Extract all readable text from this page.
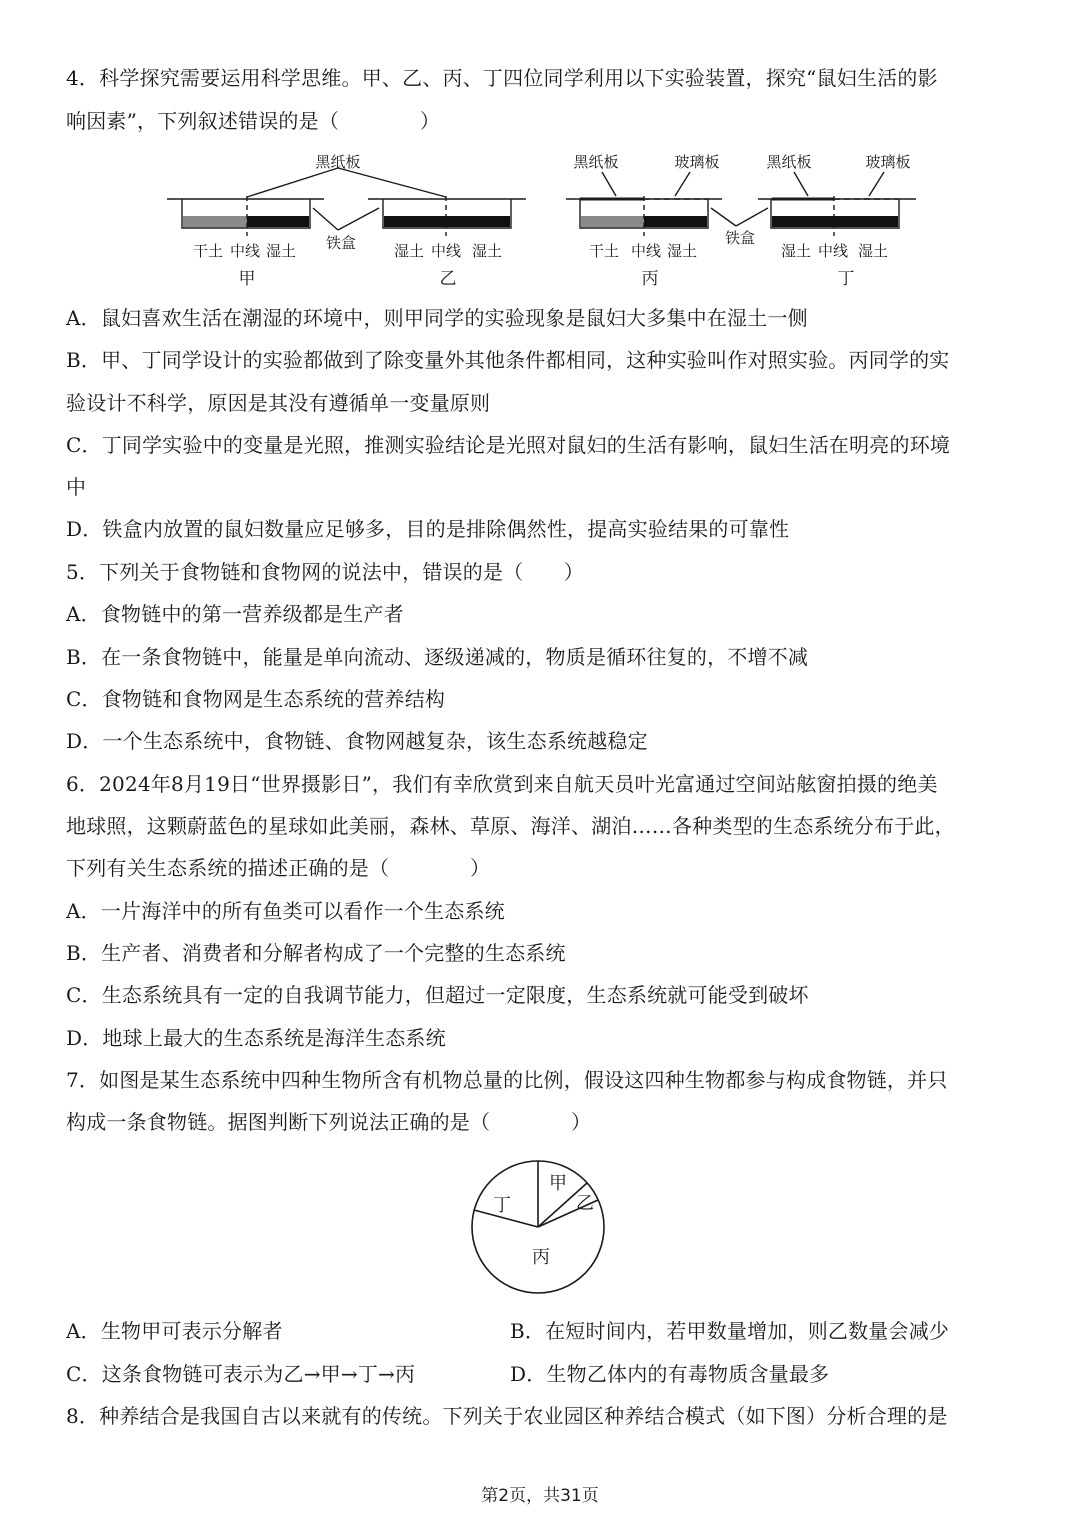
4．科学探究需要运用科学思维。甲、乙、丙、丁四位同学利用以下实验装置，探究“鼠妇生活的影
响因素”，下列叙述错误的是（　　　　）
黑纸板
铁盒
干土 中线 湿土	湿土 中线 湿土
甲	乙
黑纸板	玻璃板	黑纸板	玻璃板
铁盒
干土 中线 湿土	湿土 中线 湿土
丙	丁
A．鼠妇喜欢生活在潮湿的环境中，则甲同学的实验现象是鼠妇大多集中在湿土一侧
B．甲、丁同学设计的实验都做到了除变量外其他条件都相同，这种实验叫作对照实验。丙同学的实
验设计不科学，原因是其没有遵循单一变量原则
C．丁同学实验中的变量是光照，推测实验结论是光照对鼠妇的生活有影响，鼠妇生活在明亮的环境
中
D．铁盒内放置的鼠妇数量应足够多，目的是排除偶然性，提高实验结果的可靠性
5．下列关于食物链和食物网的说法中，错误的是（　　）
A．食物链中的第一营养级都是生产者
B．在一条食物链中，能量是单向流动、逐级递减的，物质是循环往复的，不增不减
C．食物链和食物网是生态系统的营养结构
D．一个生态系统中，食物链、食物网越复杂，该生态系统越稳定
6．2024年8月19日“世界摄影日”，我们有幸欣赏到来自航天员叶光富通过空间站舷窗拍摄的绝美
地球照，这颗蔚蓝色的星球如此美丽，森林、草原、海洋、湖泊……各种类型的生态系统分布于此，
下列有关生态系统的描述正确的是（　　　　）
A．一片海洋中的所有鱼类可以看作一个生态系统
B．生产者、消费者和分解者构成了一个完整的生态系统
C．生态系统具有一定的自我调节能力，但超过一定限度，生态系统就可能受到破坏
D．地球上最大的生态系统是海洋生态系统
7．如图是某生态系统中四种生物所含有机物总量的比例，假设这四种生物都参与构成食物链，并只
构成一条食物链。据图判断下列说法正确的是（　　　　）
甲
乙
丁
丙
A．生物甲可表示分解者	B．在短时间内，若甲数量增加，则乙数量会减少
C．这条食物链可表示为乙→甲→丁→丙	D．生物乙体内的有毒物质含量最多
8．种养结合是我国自古以来就有的传统。下列关于农业园区种养结合模式（如下图）分析合理的是
第2页，共31页
